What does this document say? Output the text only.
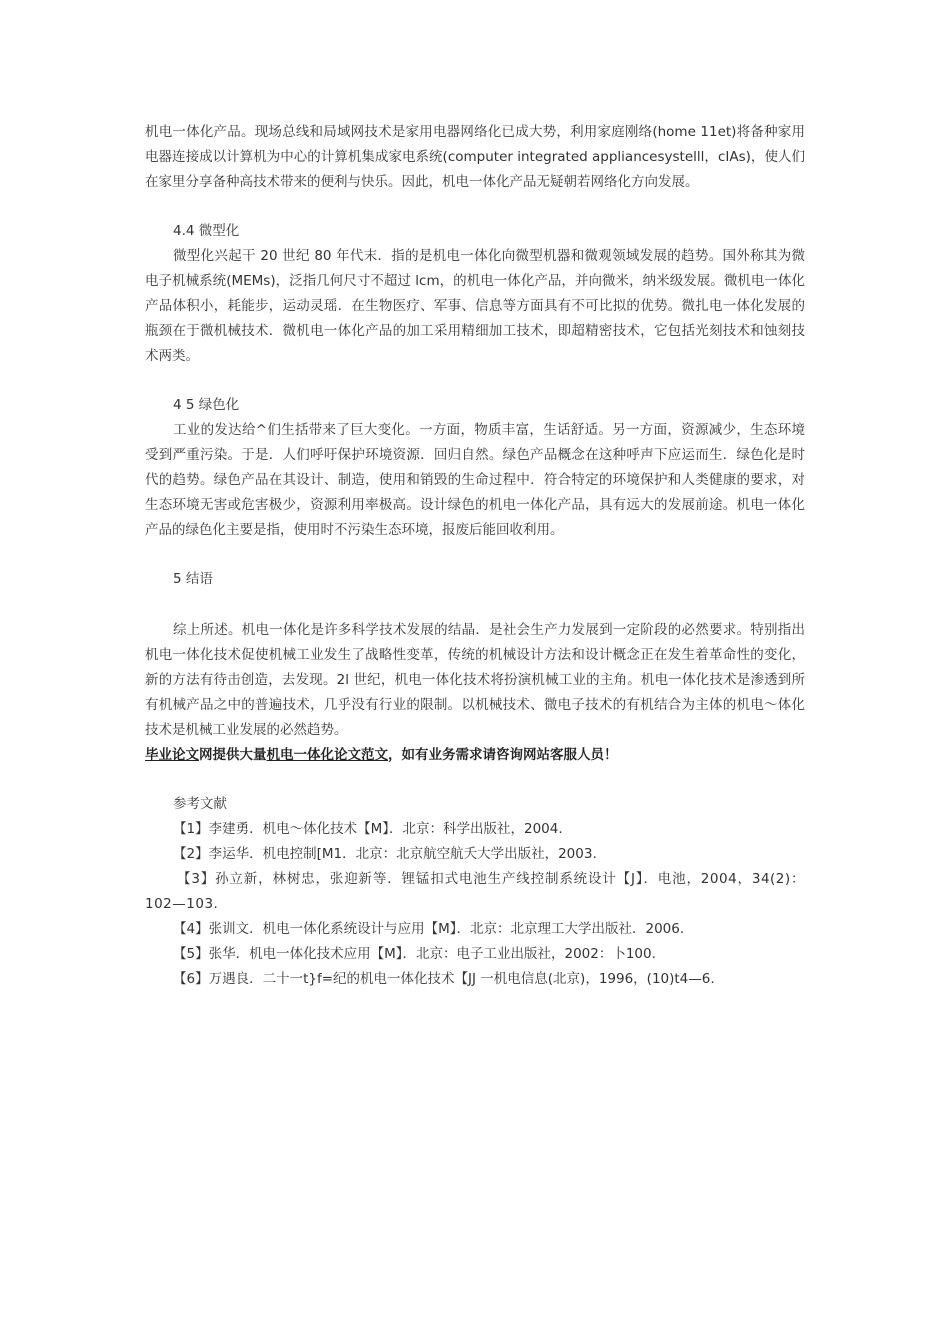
机电一体化产品。现场总线和局域网技术是家用电器网络化已成大势，利用家庭刚络(home 11et)将备种家用电器连接成以计算机为中心的计算机集成家电系统(computer integrated appliancesystelll，cIAs)，使人们在家里分享备种高技术带来的便利与快乐。因此，机电一体化产品无疑朝若网络化方向发展。

4.4 微型化

微型化兴起干 20 世纪 80 年代末．指的是机电一体化向微型机器和微观领域发展的趋势。国外称其为微电子机械系统(MEMs)，泛指几何尺寸不超过 lcm，的机电一体化产品，并向微米，纳米级发展。微机电一体化产品体积小，耗能步，运动灵瑶．在生物医疗、军事、信息等方面具有不可比拟的优势。微扎电一体化发展的瓶颈在于微机械技术．微机电一体化产品的加工采用精细加工技术，即超精密技术，它包括光刻技术和蚀刻技术两类。

4 5 绿色化

工业的发达给^们生括带来了巨大变化。一方面，物质丰富，生话舒适。另一方面，资源减少，生态环境受到严重污染。于是．人们呼吁保护环境资源．回归自然。绿色产品概念在这种呼声下应运而生．绿色化是时代的趋势。绿色产品在其设计、制造，使用和销毁的生命过程中．符合特定的环境保护和人类健康的要求，对生态环境无害或危害极少，资源利用率极高。设计绿色的机电一体化产品，具有远大的发展前途。机电一体化产品的绿色化主要是指，使用时不污染生态环境，报废后能回收利用。

5 结语

综上所述。机电一体化是许多科学技术发展的结晶．是社会生产力发展到一定阶段的必然要求。特别指出机电一体化技术促使机械工业发生了战略性变革，传统的机械设计方法和设计概念正在发生着革命性的变化，新的方法有待击创造，去发现。2l 世纪，机电一体化技术将扮演机械工业的主角。机电一体化技术是渗透到所有机械产品之中的普遍技术，几乎没有行业的限制。以机械技术、微电子技术的有机结合为主体的机电～体化技术是机械工业发展的必然趋势。

毕业论文网提供大量机电一体化论文范文，如有业务需求请咨询网站客服人员！

参考文献

【1】李建勇．机电～体化技术【M】．北京：科学出版社，2004.

【2】李运华．机电控制[M1．北京：北京航空航夭大学出版社，2003.

【3】孙立新，林树忠，张迎新等．锂锰扣式电池生产线控制系统设计【J】．电池，2004，34(2)：102—103.

【4】张训文．机电一体化系统设计与应用【M】．北京：北京理工大学出版社．2006.

【5】张华．机电一体化技术应用【M】．北京：电子工业出版社，2002：卜100.

【6】万遇良．二十一t}f=纪的机电一体化技术【JJ 一机电信息(北京)，1996，(10)t4—6.
